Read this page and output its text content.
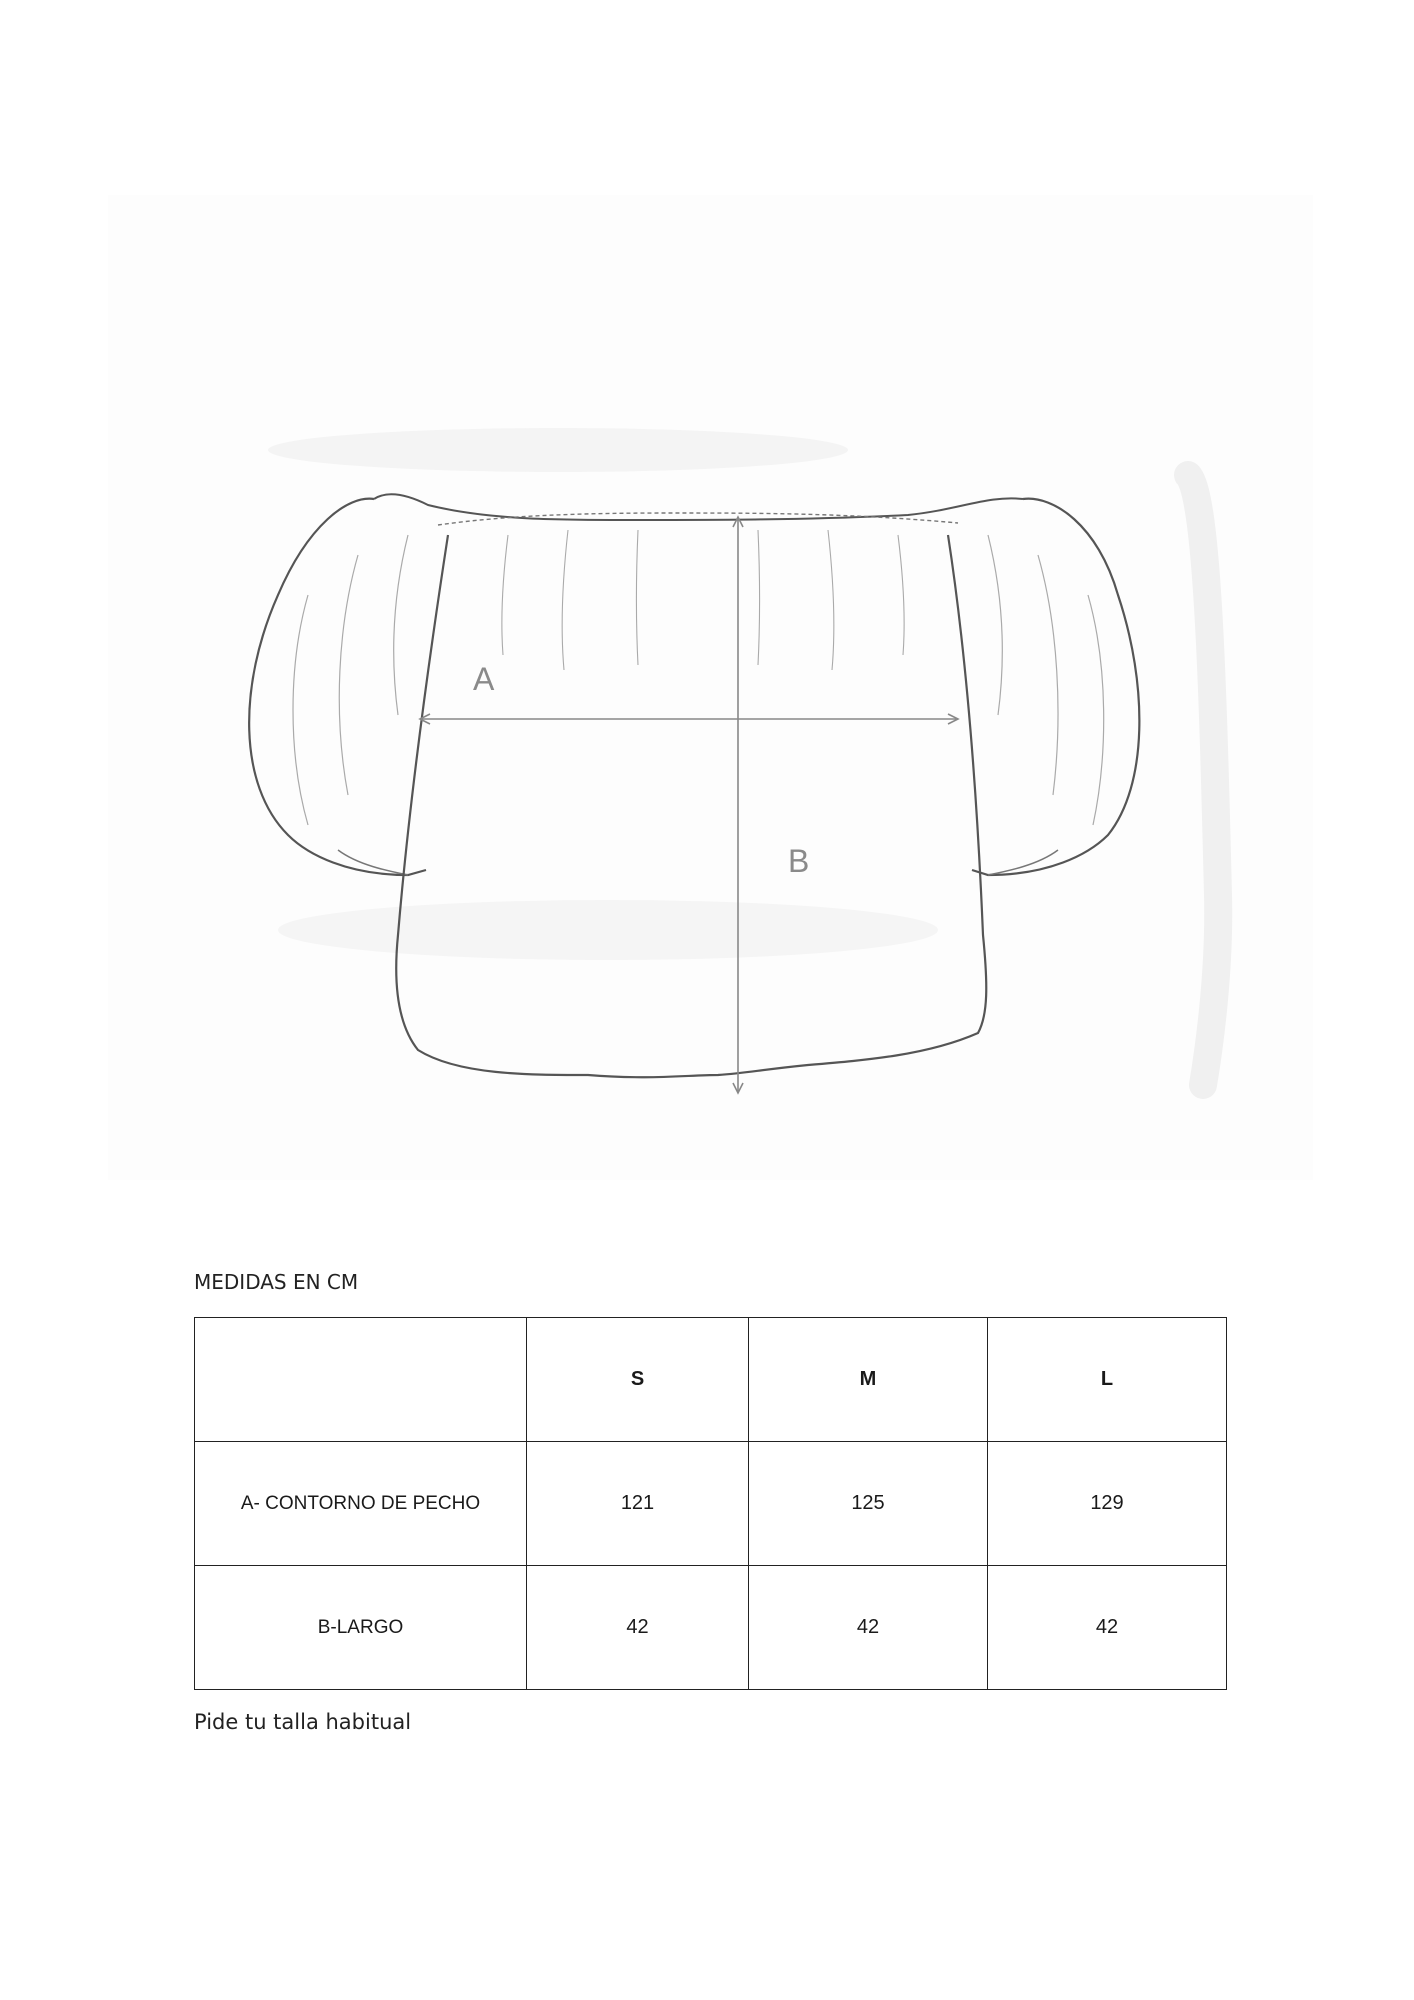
A
B
MEDIDAS EN CM
	S	M	L
A- CONTORNO DE PECHO	121	125	129
B-LARGO	42	42	42
Pide tu talla habitual
